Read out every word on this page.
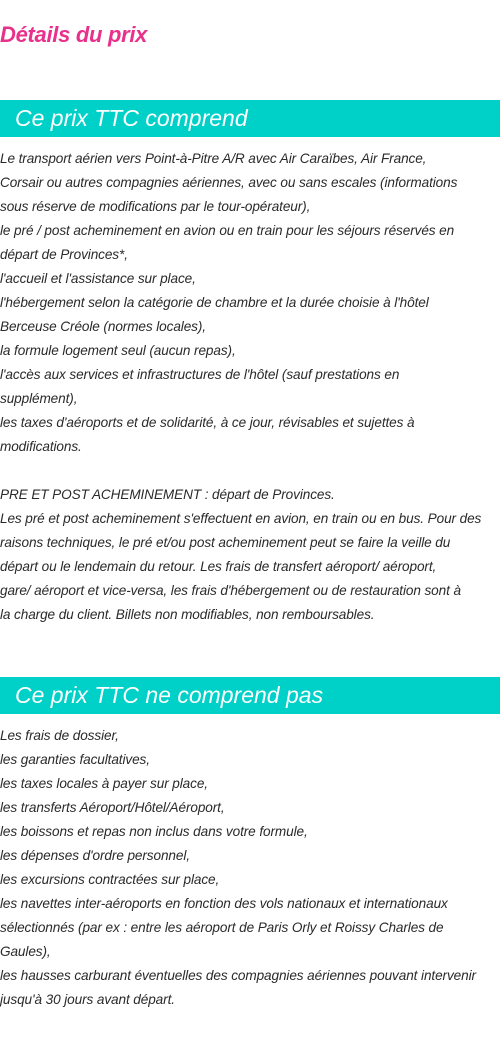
Détails du prix
Ce prix TTC comprend
Le transport aérien vers Point-à-Pitre A/R avec Air Caraïbes, Air France,
Corsair ou autres compagnies aériennes, avec ou sans escales (informations
sous réserve de modifications par le tour-opérateur),
le pré / post acheminement en avion ou en train pour les séjours réservés en
départ de Provinces*,
l'accueil et l'assistance sur place,
l'hébergement selon la catégorie de chambre et la durée choisie à l'hôtel
Berceuse Créole (normes locales),
la formule logement seul (aucun repas),
l'accès aux services et infrastructures de l'hôtel (sauf prestations en
supplément),
les taxes d'aéroports et de solidarité, à ce jour, révisables et sujettes à
modifications.
PRE ET POST ACHEMINEMENT : départ de Provinces.
Les pré et post acheminement s'effectuent en avion, en train ou en bus. Pour des
raisons techniques, le pré et/ou post acheminement peut se faire la veille du
départ ou le lendemain du retour. Les frais de transfert aéroport/ aéroport,
gare/ aéroport et vice-versa, les frais d'hébergement ou de restauration sont à
la charge du client. Billets non modifiables, non remboursables.
Ce prix TTC ne comprend pas
Les frais de dossier,
les garanties facultatives,
les taxes locales à payer sur place,
les transferts Aéroport/Hôtel/Aéroport,
les boissons et repas non inclus dans votre formule,
les dépenses d'ordre personnel,
les excursions contractées sur place,
les navettes inter-aéroports en fonction des vols nationaux et internationaux
sélectionnés (par ex : entre les aéroport de Paris Orly et Roissy Charles de
Gaules),
les hausses carburant éventuelles des compagnies aériennes pouvant intervenir
jusqu'à 30 jours avant départ.
